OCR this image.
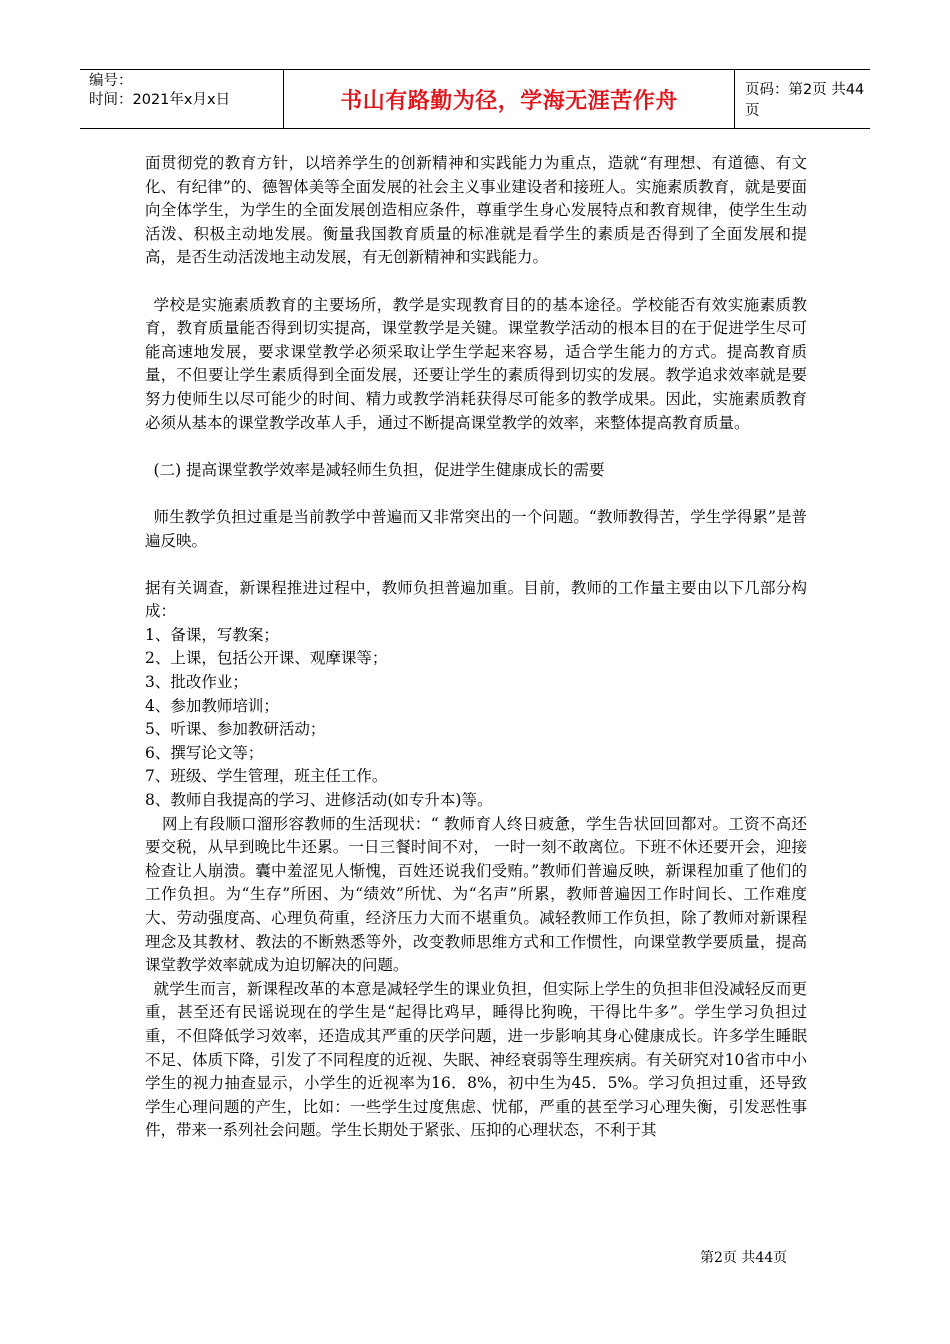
编号：
时间：2021年x月x日	书山有路勤为径，学海无涯苦作舟	页码：第2页 共44页

面贯彻党的教育方针，以培养学生的创新精神和实践能力为重点，造就“有理想、有道德、有文化、有纪律”的、德智体美等全面发展的社会主义事业建设者和接班人。实施素质教育，就是要面向全体学生，为学生的全面发展创造相应条件，尊重学生身心发展特点和教育规律，使学生生动活泼、积极主动地发展。衡量我国教育质量的标准就是看学生的素质是否得到了全面发展和提高，是否生动活泼地主动发展，有无创新精神和实践能力。

学校是实施素质教育的主要场所，教学是实现教育目的的基本途径。学校能否有效实施素质教育，教育质量能否得到切实提高，课堂教学是关键。课堂教学活动的根本目的在于促进学生尽可能高速地发展，要求课堂教学必须采取让学生学起来容易，适合学生能力的方式。提高教育质量，不但要让学生素质得到全面发展，还要让学生的素质得到切实的发展。教学追求效率就是要努力使师生以尽可能少的时间、精力或教学消耗获得尽可能多的教学成果。因此，实施素质教育必须从基本的课堂教学改革人手，通过不断提高课堂教学的效率，来整体提高教育质量。

(二) 提高课堂教学效率是减轻师生负担，促进学生健康成长的需要

师生教学负担过重是当前教学中普遍而又非常突出的一个问题。“教师教得苦，学生学得累”是普遍反映。

据有关调查，新课程推进过程中，教师负担普遍加重。目前，教师的工作量主要由以下几部分构成：

1、备课，写教案；

2、上课，包括公开课、观摩课等；

3、批改作业；

4、参加教师培训；

5、听课、参加教研活动；

6、撰写论文等；

7、班级、学生管理，班主任工作。

8、教师自我提高的学习、进修活动(如专升本)等。

网上有段顺口溜形容教师的生活现状：“ 教师育人终日疲惫，学生告状回回都对。工资不高还要交税，从早到晚比牛还累。一日三餐时间不对， 一时一刻不敢离位。下班不休还要开会，迎接检查让人崩溃。囊中羞涩见人惭愧，百姓还说我们受贿。”教师们普遍反映，新课程加重了他们的工作负担。为“生存”所困、为“绩效”所忧、为“名声”所累，教师普遍因工作时间长、工作难度大、劳动强度高、心理负荷重，经济压力大而不堪重负。减轻教师工作负担，除了教师对新课程理念及其教材、教法的不断熟悉等外，改变教师思维方式和工作惯性，向课堂教学要质量，提高课堂教学效率就成为迫切解决的问题。

就学生而言，新课程改革的本意是减轻学生的课业负担，但实际上学生的负担非但没减轻反而更重，甚至还有民谣说现在的学生是“起得比鸡早，睡得比狗晚，干得比牛多”。学生学习负担过重，不但降低学习效率，还造成其严重的厌学问题，进一步影响其身心健康成长。许多学生睡眠不足、体质下降，引发了不同程度的近视、失眠、神经衰弱等生理疾病。有关研究对10省市中小学生的视力抽查显示，小学生的近视率为16．8%，初中生为45．5%。学习负担过重，还导致学生心理问题的产生，比如：一些学生过度焦虑、忧郁，严重的甚至学习心理失衡，引发恶性事件，带来一系列社会问题。学生长期处于紧张、压抑的心理状态，不利于其

第2页 共44页
